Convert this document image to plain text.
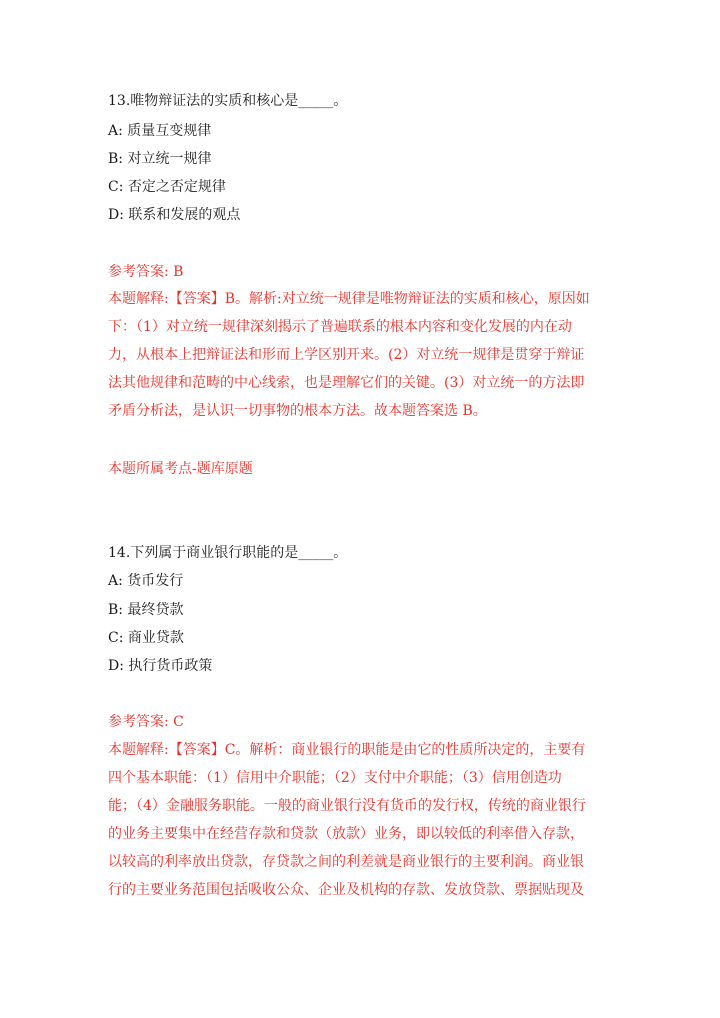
13.唯物辩证法的实质和核心是_____。
A: 质量互变规律
B: 对立统一规律
C: 否定之否定规律
D: 联系和发展的观点
参考答案: B
本题解释:【答案】B。解析:对立统一规律是唯物辩证法的实质和核心，原因如
下：（1）对立统一规律深刻揭示了普遍联系的根本内容和变化发展的内在动
力，从根本上把辩证法和形而上学区别开来。(2）对立统一规律是贯穿于辩证
法其他规律和范畴的中心线索，也是理解它们的关键。(3）对立统一的方法即
矛盾分析法，是认识一切事物的根本方法。故本题答案选 B。
本题所属考点-题库原题
14.下列属于商业银行职能的是_____。
A: 货币发行
B: 最终贷款
C: 商业贷款
D: 执行货币政策
参考答案: C
本题解释:【答案】C。解析：商业银行的职能是由它的性质所决定的，主要有
四个基本职能：（1）信用中介职能；（2）支付中介职能；（3）信用创造功
能；（4）金融服务职能。一般的商业银行没有货币的发行权，传统的商业银行
的业务主要集中在经营存款和贷款（放款）业务，即以较低的利率借入存款，
以较高的利率放出贷款，存贷款之间的利差就是商业银行的主要利润。商业银
行的主要业务范围包括吸收公众、企业及机构的存款、发放贷款、票据贴现及
